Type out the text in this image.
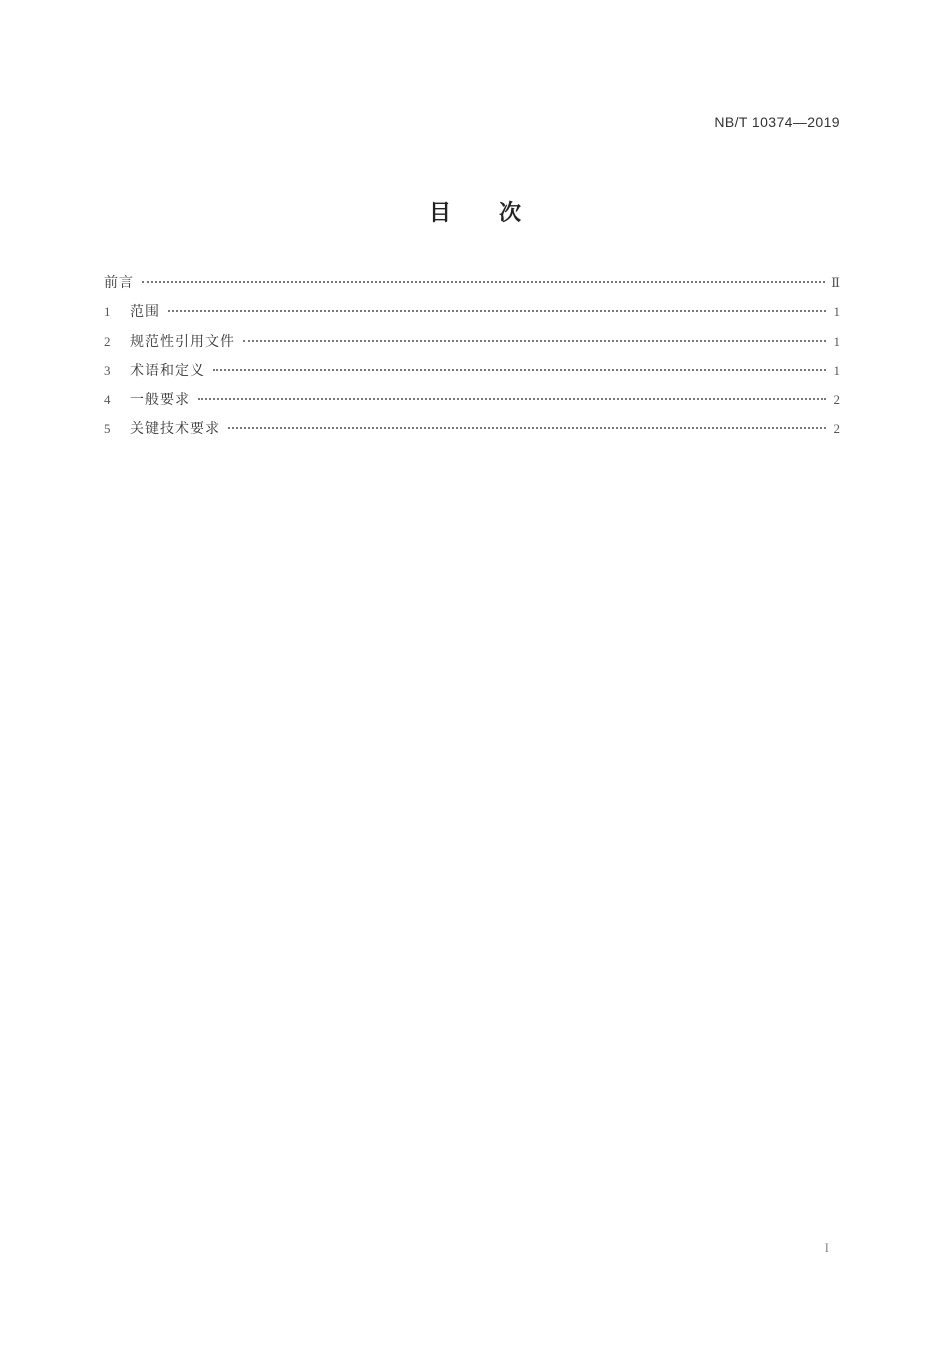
NB/T 10374—2019
目 次
前言	Ⅱ
1	范围	1
2	规范性引用文件	1
3	术语和定义	1
4	一般要求	2
5	关键技术要求	2
I
